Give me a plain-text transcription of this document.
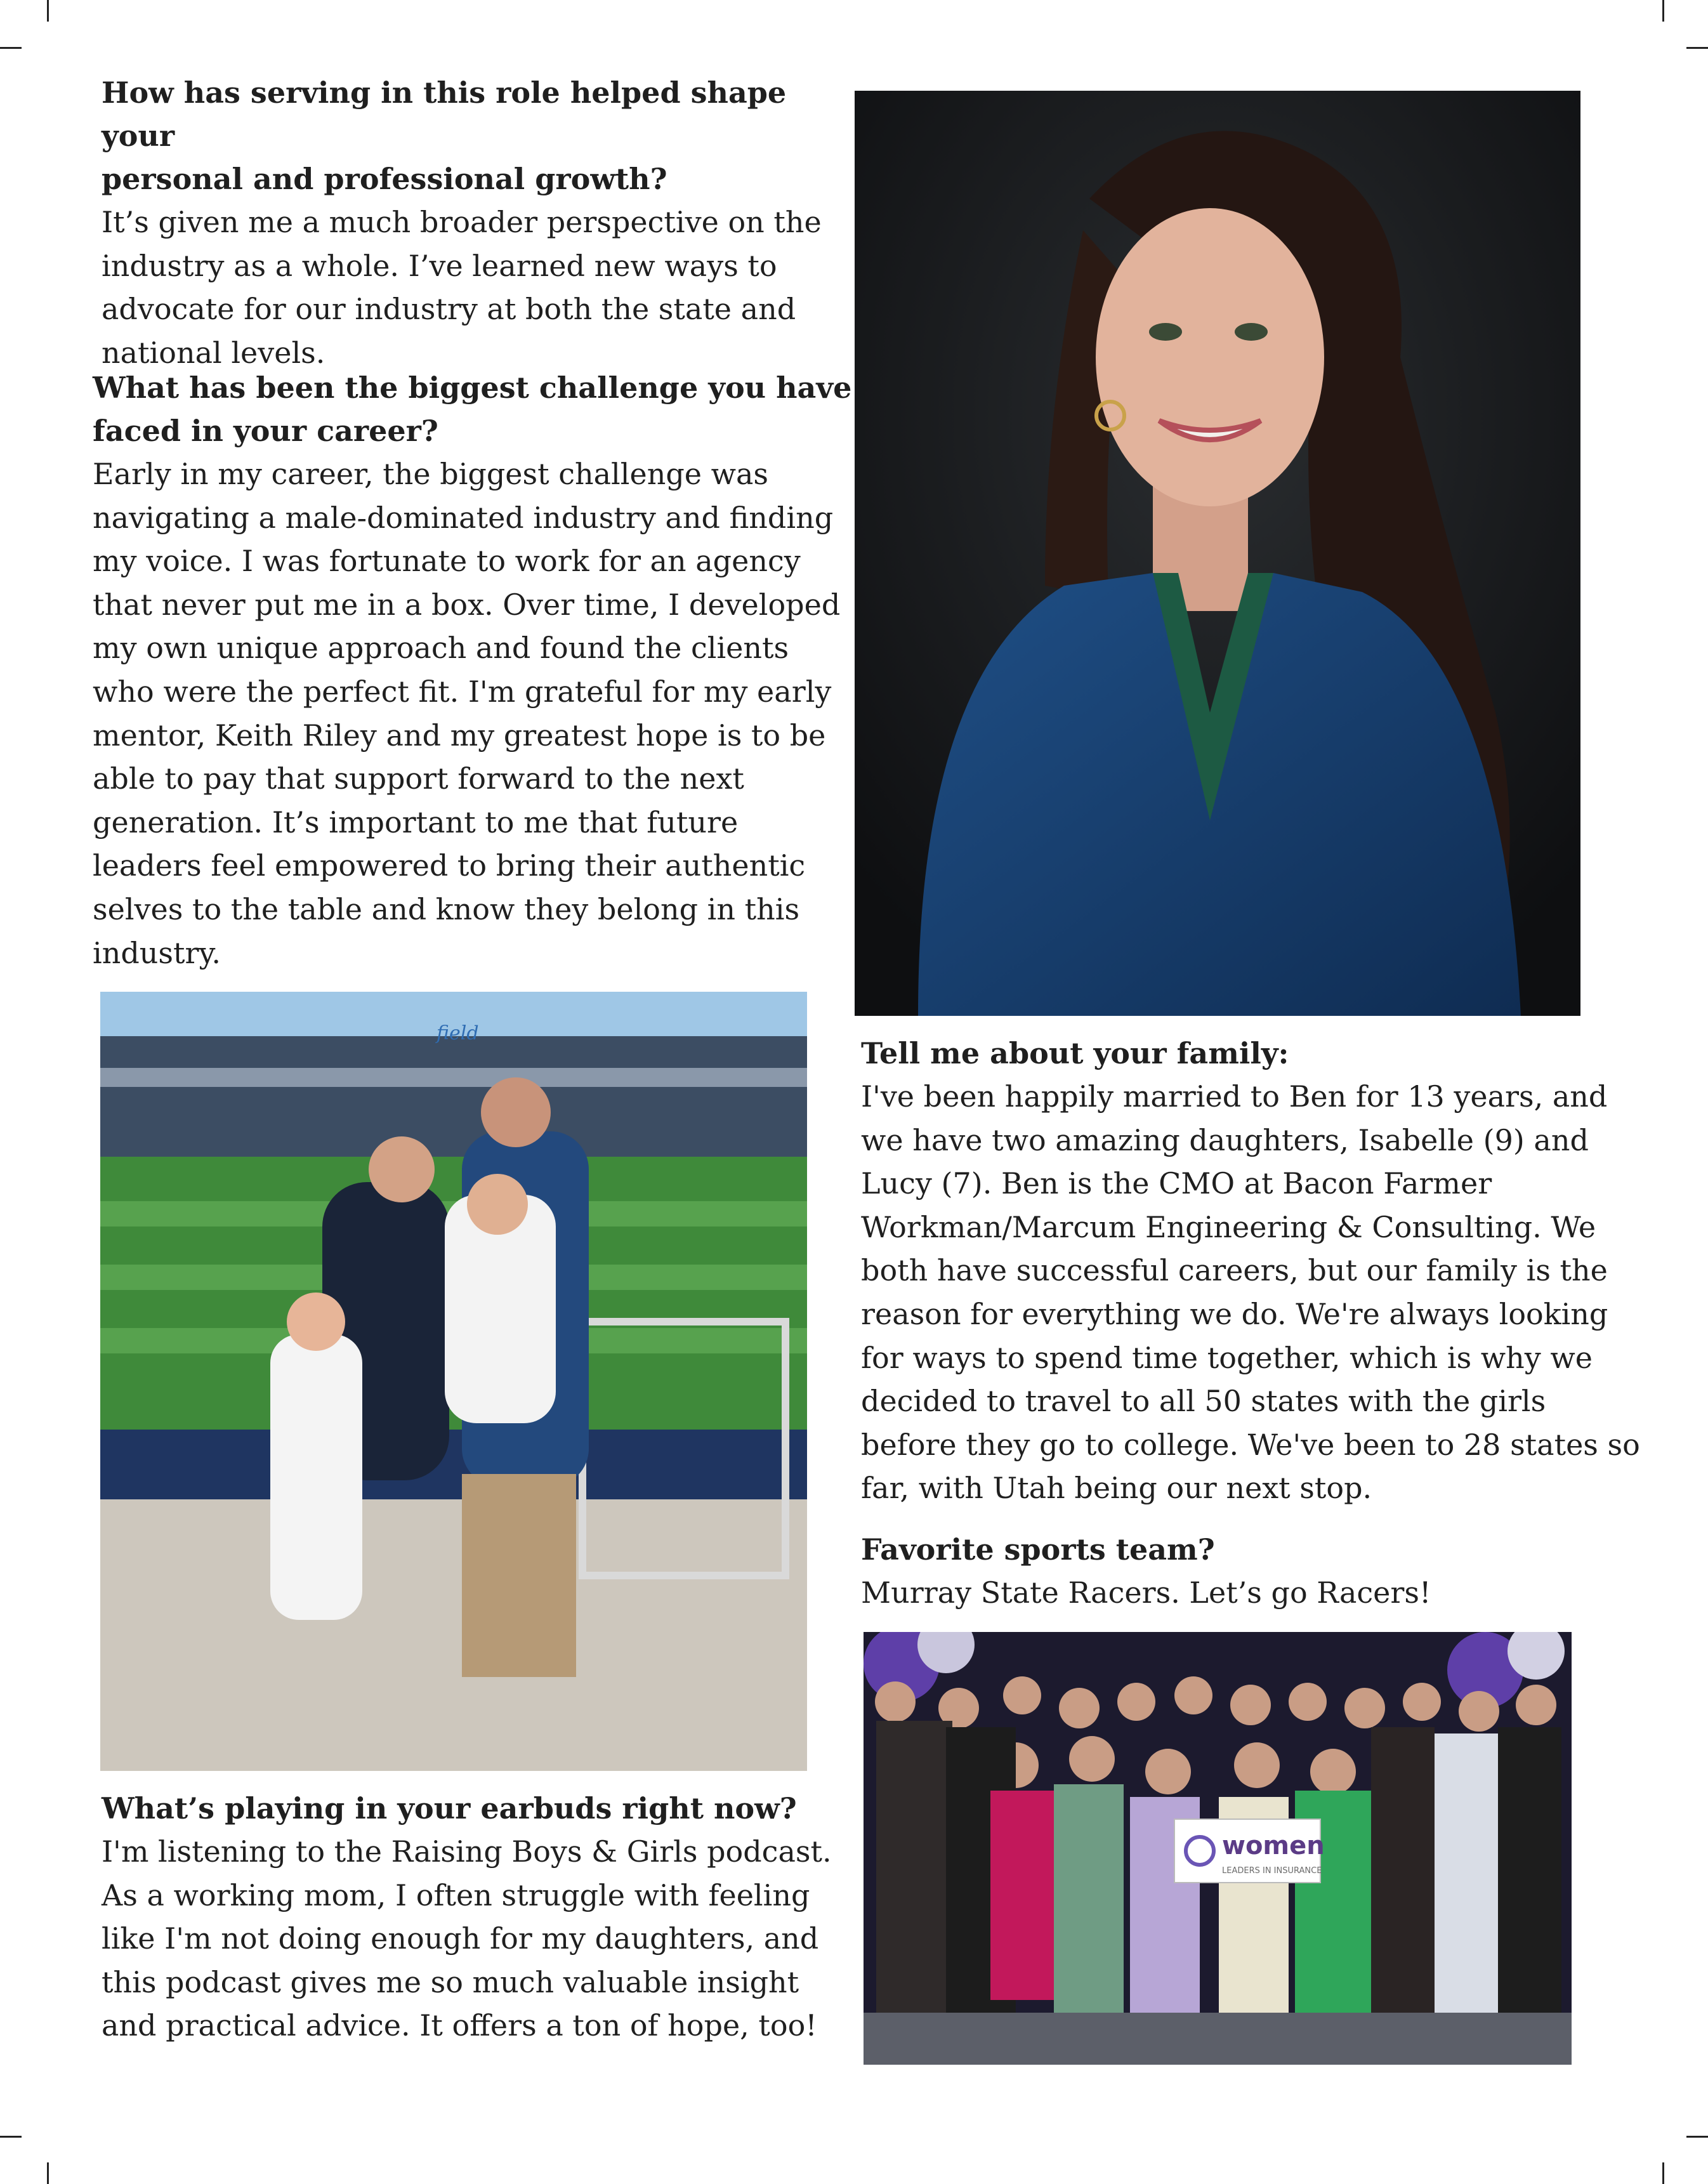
How has serving in this role helped shape your
personal and professional growth?

It’s given me a much broader perspective on the
industry as a whole. I’ve learned new ways to
advocate for our industry at both the state and
national levels.

What has been the biggest challenge you have
faced in your career?

Early in my career, the biggest challenge was
navigating a male-dominated industry and finding
my voice. I was fortunate to work for an agency
that never put me in a box. Over time, I developed
my own unique approach and found the clients
who were the perfect fit. I'm grateful for my early
mentor, Keith Riley and my greatest hope is to be
able to pay that support forward to the next
generation. It’s important to me that future
leaders feel empowered to bring their authentic
selves to the table and know they belong in this
industry.

field

What’s playing in your earbuds right now?

I'm listening to the Raising Boys & Girls podcast.
As a working mom, I often struggle with feeling
like I'm not doing enough for my daughters, and
this podcast gives me so much valuable insight
and practical advice. It offers a ton of hope, too!

Tell me about your family:

I've been happily married to Ben for 13 years, and
we have two amazing daughters, Isabelle (9) and
Lucy (7). Ben is the CMO at Bacon Farmer
Workman/Marcum Engineering & Consulting. We
both have successful careers, but our family is the
reason for everything we do. We're always looking
for ways to spend time together, which is why we
decided to travel to all 50 states with the girls
before they go to college. We've been to 28 states so
far, with Utah being our next stop.

Favorite sports team?

Murray State Racers. Let’s go Racers!

women
LEADERS IN INSURANCE
